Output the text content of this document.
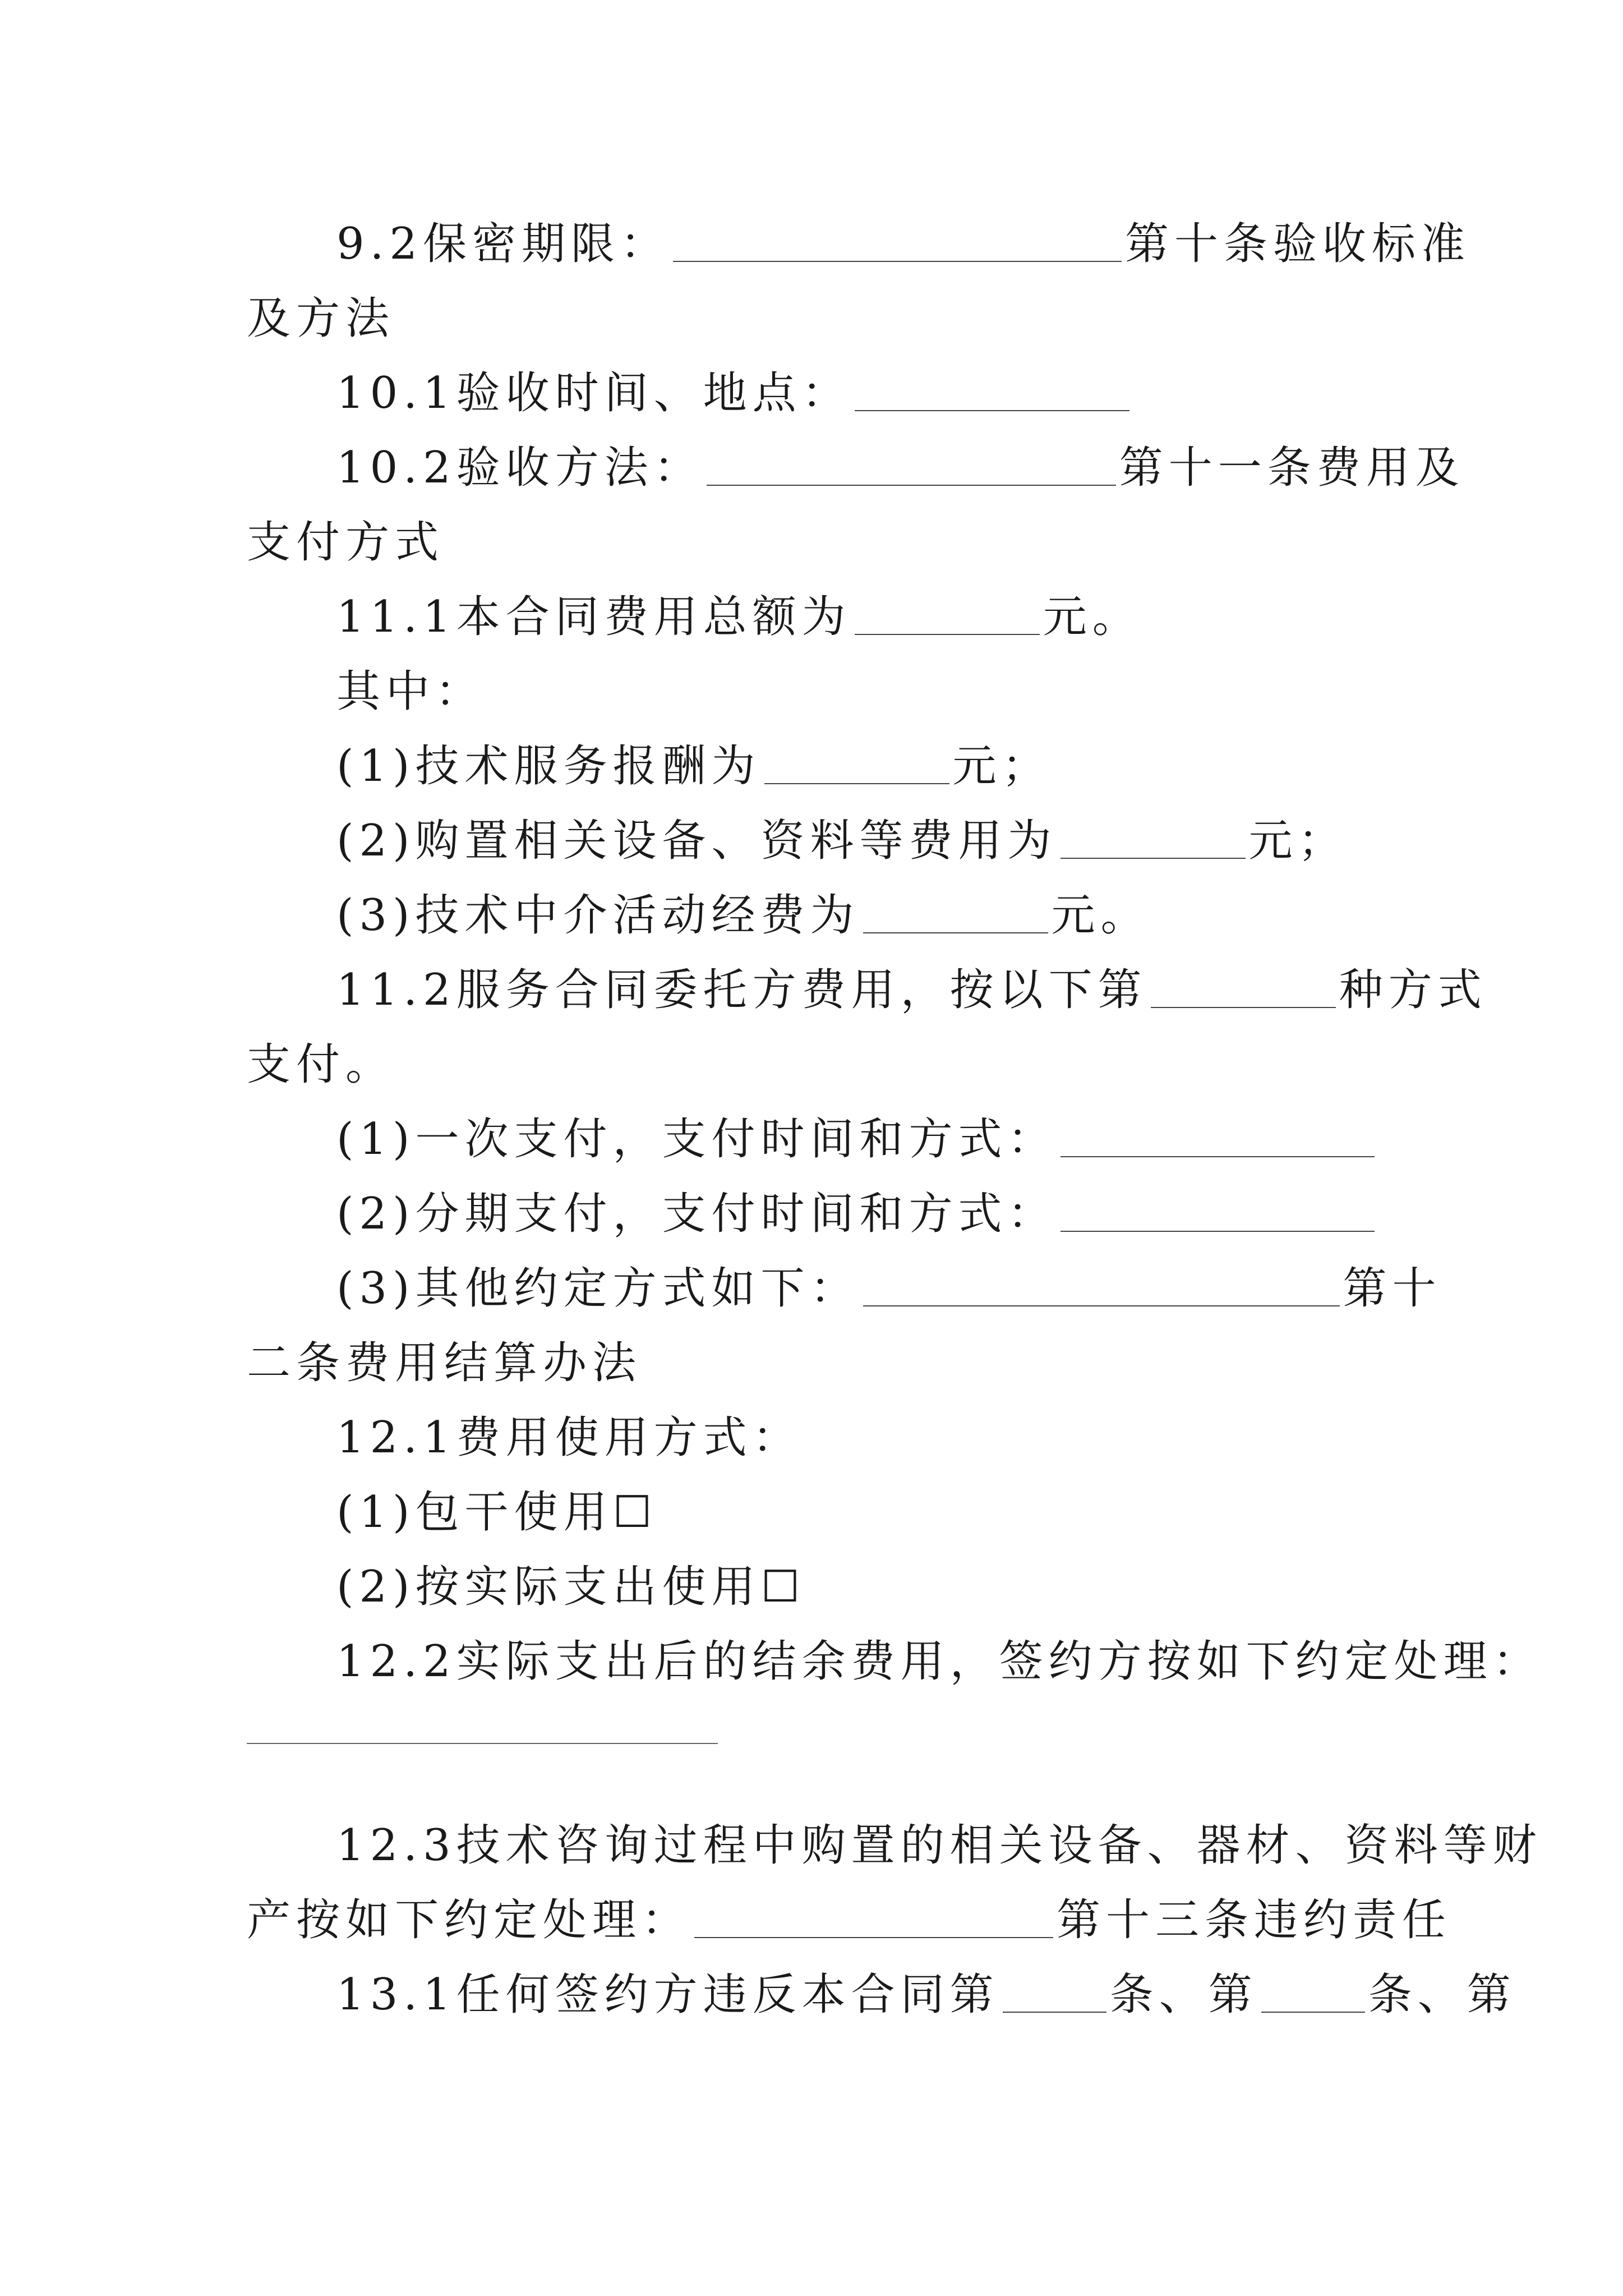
9.2保密期限：	第十条验收标准
及方法
10.1验收时间、地点：
10.2验收方法：	第十一条费用及
支付方式
11.1本合同费用总额为	元。
其中：
(1)技术服务报酬为	元；
(2)购置相关设备、资料等费用为	元；
(3)技术中介活动经费为	元。
11.2服务合同委托方费用，按以下第	种方式
支付。
(1)一次支付，支付时间和方式：
(2)分期支付，支付时间和方式：
(3)其他约定方式如下：	第十
二条费用结算办法
12.1费用使用方式：
(1)包干使用☐
(2)按实际支出使用☐
12.2实际支出后的结余费用，签约方按如下约定处理：
12.3技术咨询过程中购置的相关设备、器材、资料等财
产按如下约定处理：	第十三条违约责任
13.1任何签约方违反本合同第	条、第	条、第
